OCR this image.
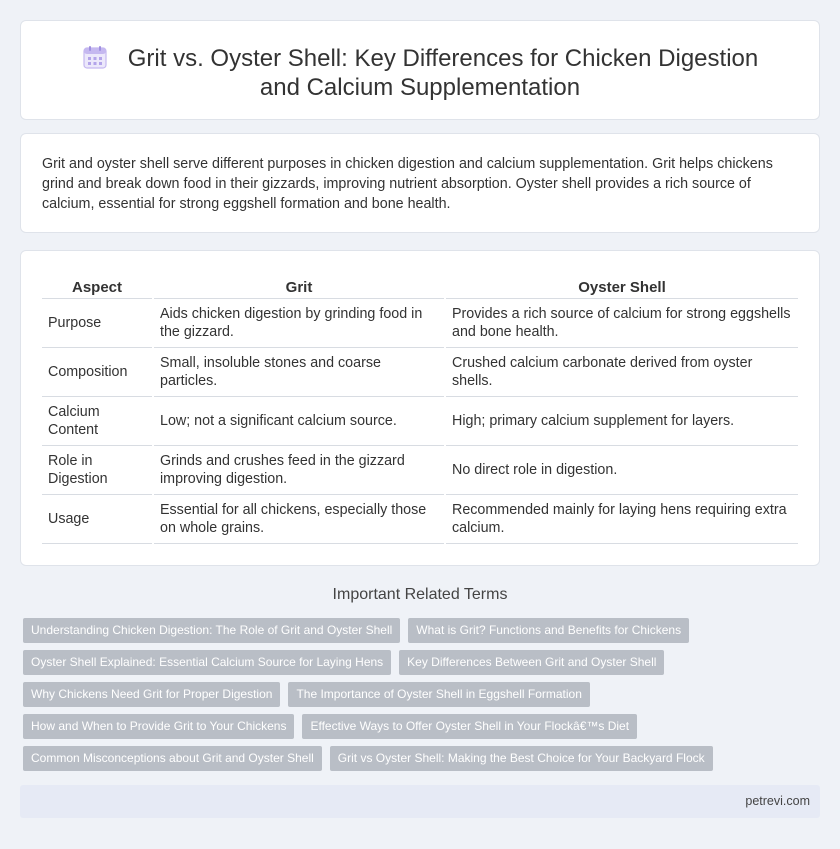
Grit vs. Oyster Shell: Key Differences for Chicken Digestion and Calcium Supplementation

Grit and oyster shell serve different purposes in chicken digestion and calcium supplementation. Grit helps chickens grind and break down food in their gizzards, improving nutrient absorption. Oyster shell provides a rich source of calcium, essential for strong eggshell formation and bone health.

Aspect	Grit	Oyster Shell
Purpose	Aids chicken digestion by grinding food in the gizzard.	Provides a rich source of calcium for strong eggshells and bone health.
Composition	Small, insoluble stones and coarse particles.	Crushed calcium carbonate derived from oyster shells.
Calcium Content	Low; not a significant calcium source.	High; primary calcium supplement for layers.
Role in Digestion	Grinds and crushes feed in the gizzard improving digestion.	No direct role in digestion.
Usage	Essential for all chickens, especially those on whole grains.	Recommended mainly for laying hens requiring extra calcium.
Important Related Terms
Understanding Chicken Digestion: The Role of Grit and Oyster Shell	What is Grit? Functions and Benefits for Chickens
Oyster Shell Explained: Essential Calcium Source for Laying Hens	Key Differences Between Grit and Oyster Shell
Why Chickens Need Grit for Proper Digestion	The Importance of Oyster Shell in Eggshell Formation
How and When to Provide Grit to Your Chickens	Effective Ways to Offer Oyster Shell in Your Flockâ€™s Diet
Common Misconceptions about Grit and Oyster Shell	Grit vs Oyster Shell: Making the Best Choice for Your Backyard Flock
petrevi.com
